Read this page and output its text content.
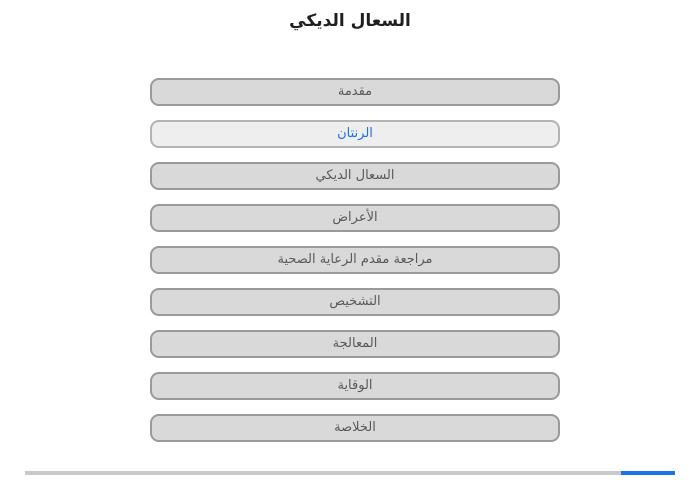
السعال الديكي
مقدمة
الرنتان
السعال الديكي
الأعراض
مراجعة مقدم الرعاية الصحية
التشخيص
المعالجة
الوقاية
الخلاصة
